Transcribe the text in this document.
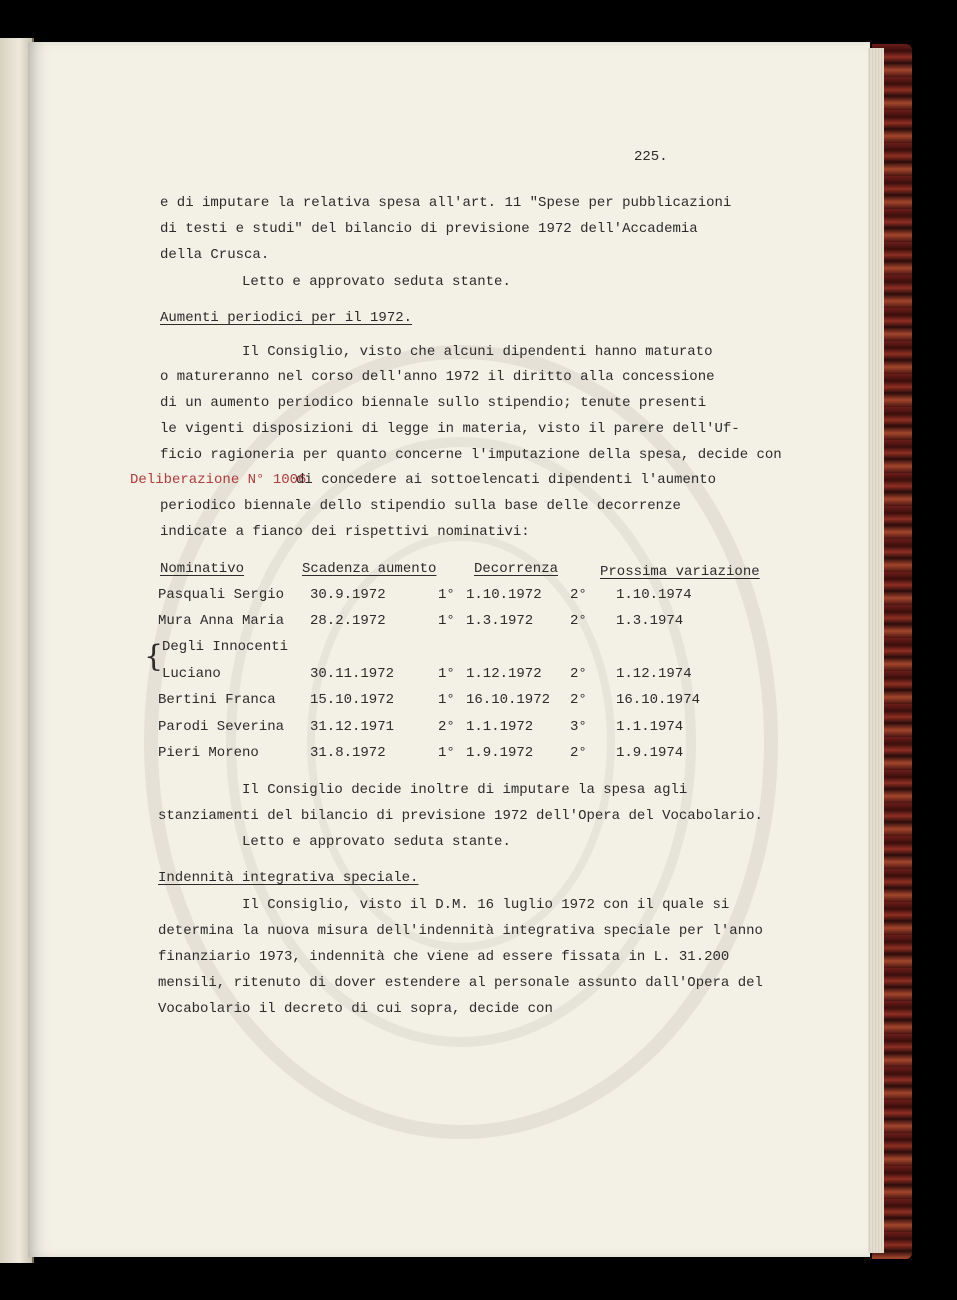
225.
e di imputare la relativa spesa all'art. 11 "Spese per pubblicazioni
di testi e studi" del bilancio di previsione 1972 dell'Accademia
della Crusca.
Letto e approvato seduta stante.
Aumenti periodici per il 1972.
Il Consiglio, visto che alcuni dipendenti hanno maturato
o matureranno nel corso dell'anno 1972 il diritto alla concessione
di un aumento periodico biennale sullo stipendio; tenute presenti
le vigenti disposizioni di legge in materia, visto il parere dell'Uf-
ficio ragioneria per quanto concerne l'imputazione della spesa, decide con
Deliberazione N° 1006
di concedere ai sottoelencati dipendenti l'aumento
periodico biennale dello stipendio sulla base delle decorrenze
indicate a fianco dei rispettivi nominativi:
Nominativo	Scadenza aumento	Decorrenza	Prossima variazione
Pasquali Sergio 30.9.1972	1° 1.10.1972 2° 1.10.1974
Mura Anna Maria 28.2.1972	1° 1.3.1972	2° 1.3.1974
{
Degli Innocenti
Luciano	30.11.1972	1° 1.12.1972 2° 1.12.1974
Bertini Franca 15.10.1972	1° 16.10.1972 2° 16.10.1974
Parodi Severina 31.12.1971	2° 1.1.1972	3° 1.1.1974
Pieri Moreno	31.8.1972	1° 1.9.1972	2° 1.9.1974
Il Consiglio decide inoltre di imputare la spesa agli
stanziamenti del bilancio di previsione 1972 dell'Opera del Vocabolario.
Letto e approvato seduta stante.
Indennità integrativa speciale.
Il Consiglio, visto il D.M. 16 luglio 1972 con il quale si
determina la nuova misura dell'indennità integrativa speciale per l'anno
finanziario 1973, indennità che viene ad essere fissata in L. 31.200
mensili, ritenuto di dover estendere al personale assunto dall'Opera del
Vocabolario il decreto di cui sopra, decide con
